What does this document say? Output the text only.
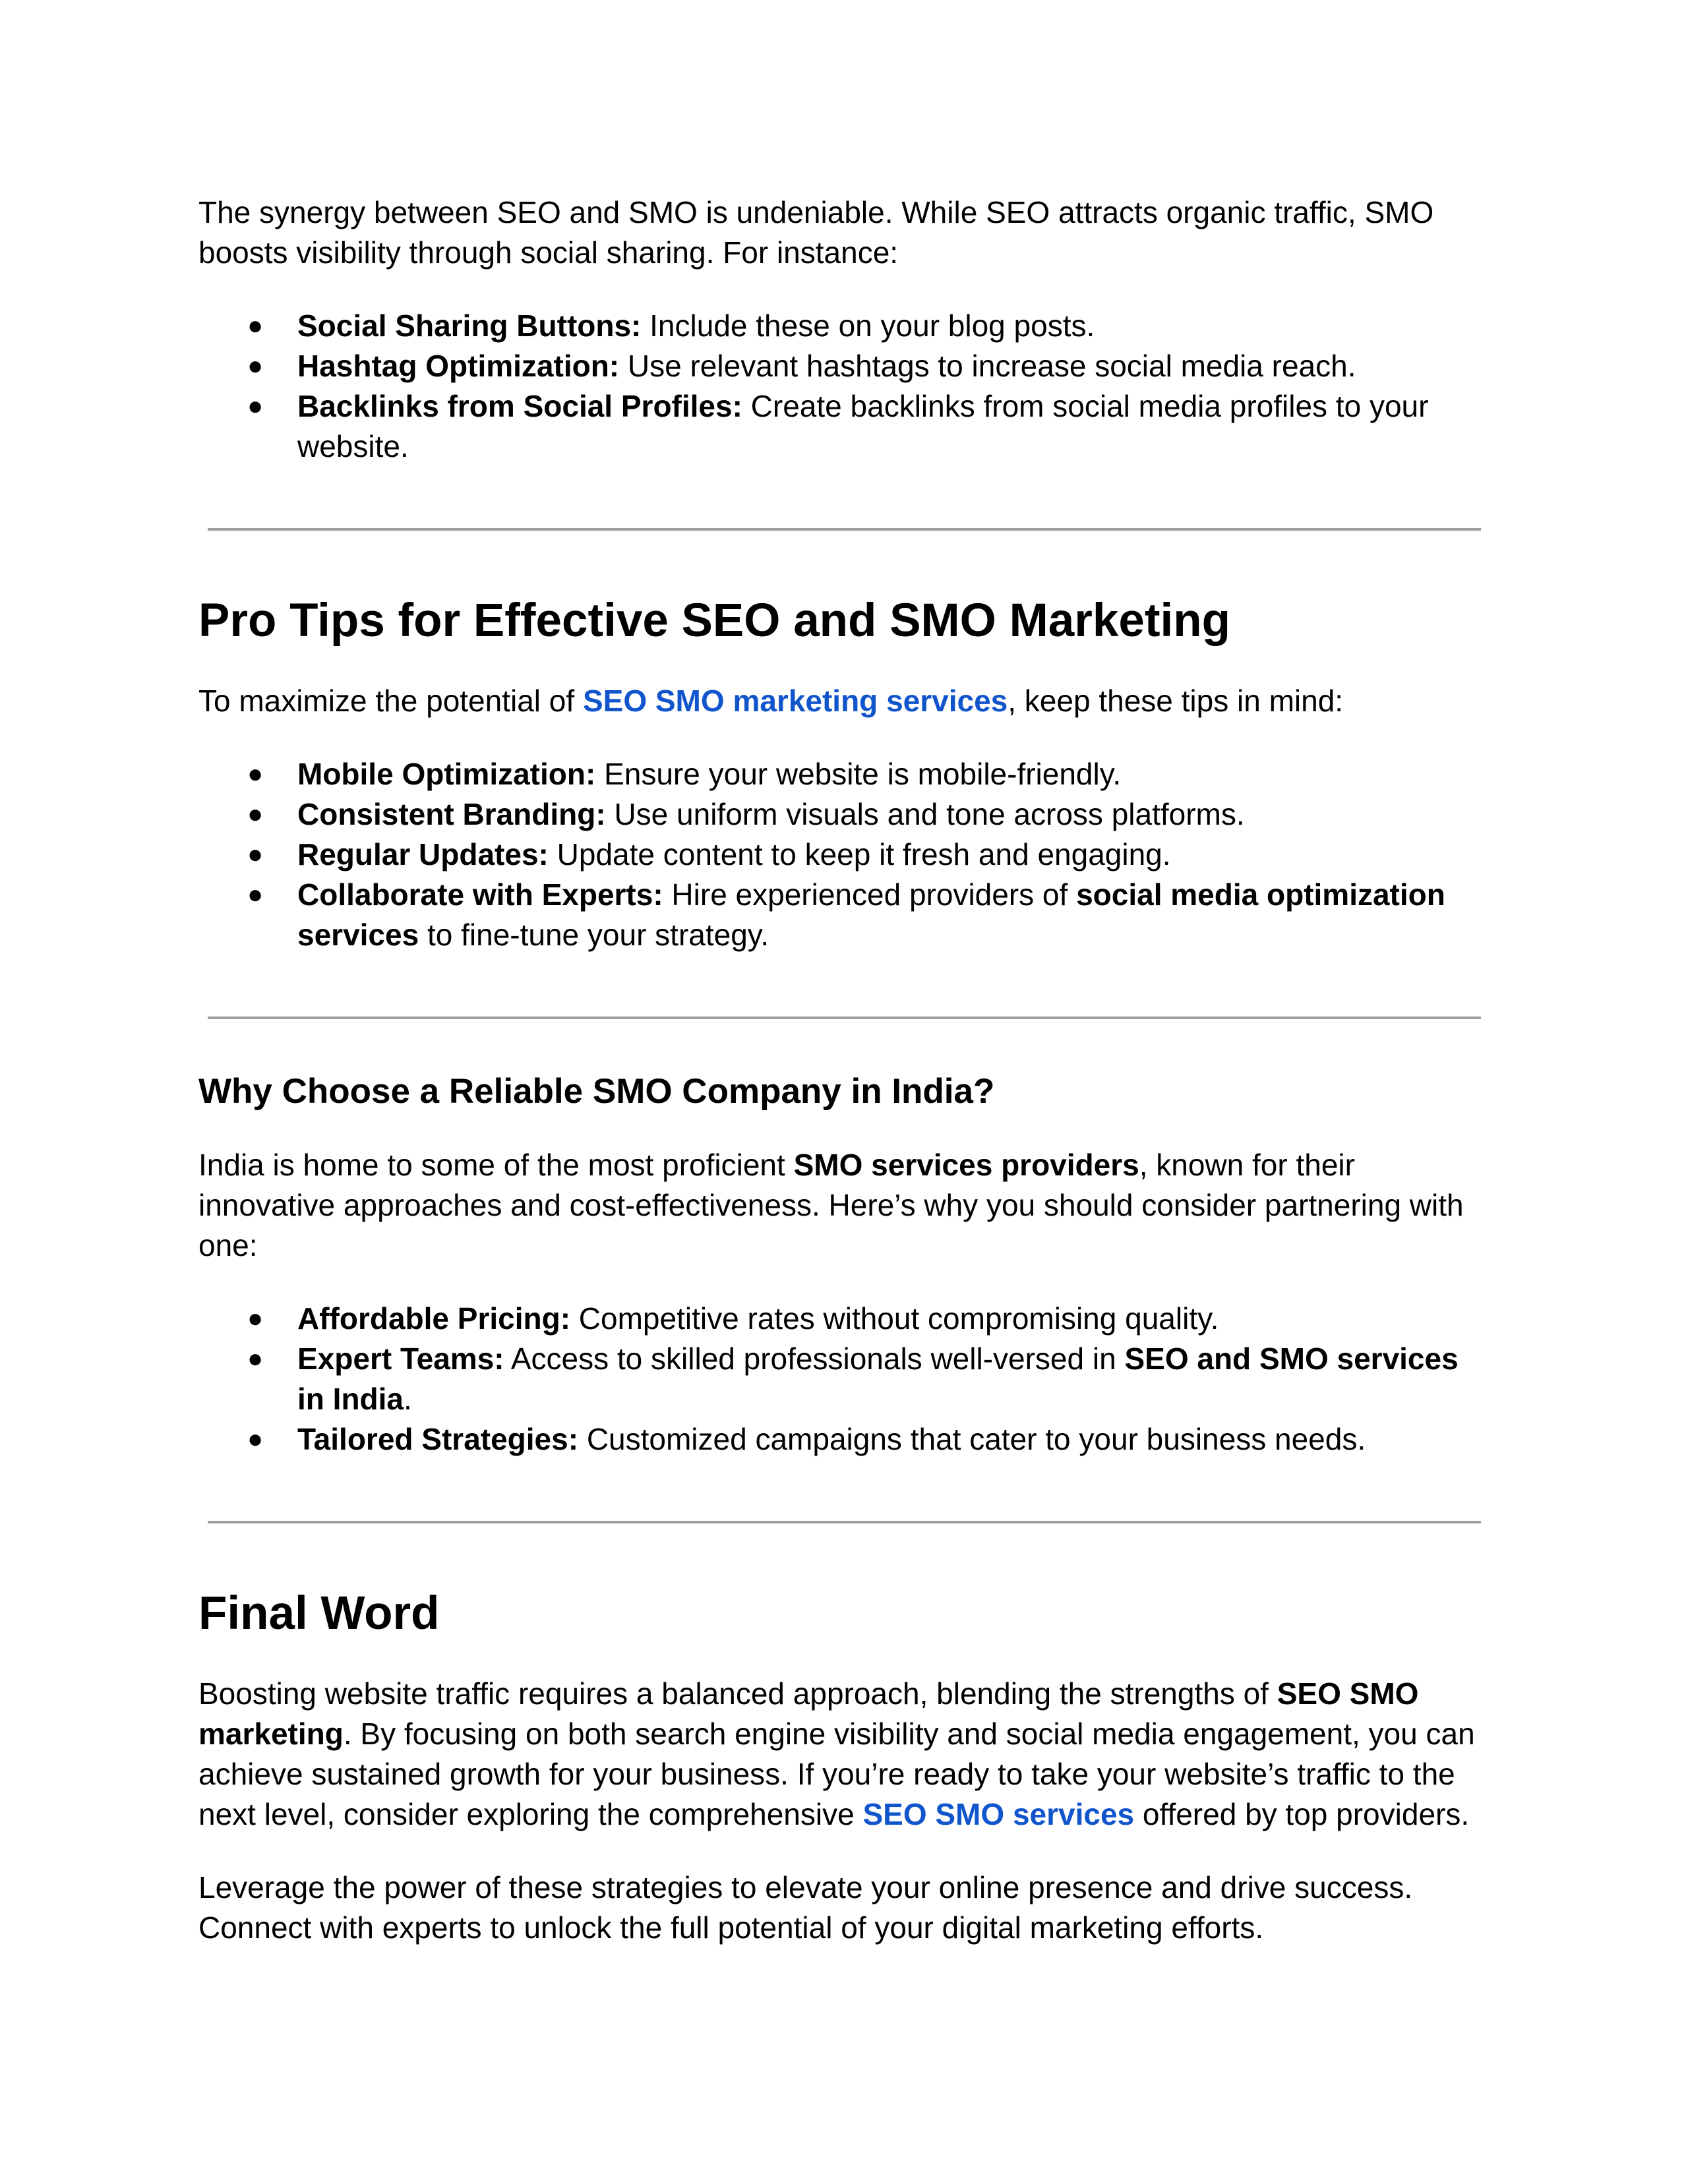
The synergy between SEO and SMO is undeniable. While SEO attracts organic traffic, SMO boosts visibility through social sharing. For instance:

● Social Sharing Buttons: Include these on your blog posts.
● Hashtag Optimization: Use relevant hashtags to increase social media reach.
● Backlinks from Social Profiles: Create backlinks from social media profiles to your website.
Pro Tips for Effective SEO and SMO Marketing

To maximize the potential of SEO SMO marketing services, keep these tips in mind:

● Mobile Optimization: Ensure your website is mobile-friendly.
● Consistent Branding: Use uniform visuals and tone across platforms.
● Regular Updates: Update content to keep it fresh and engaging.
● Collaborate with Experts: Hire experienced providers of social media optimization services to fine-tune your strategy.
Why Choose a Reliable SMO Company in India?

India is home to some of the most proficient SMO services providers, known for their innovative approaches and cost-effectiveness. Here’s why you should consider partnering with one:

● Affordable Pricing: Competitive rates without compromising quality.
● Expert Teams: Access to skilled professionals well-versed in SEO and SMO services in India.
● Tailored Strategies: Customized campaigns that cater to your business needs.
Final Word

Boosting website traffic requires a balanced approach, blending the strengths of SEO SMO marketing. By focusing on both search engine visibility and social media engagement, you can achieve sustained growth for your business. If you’re ready to take your website’s traffic to the next level, consider exploring the comprehensive SEO SMO services offered by top providers.

Leverage the power of these strategies to elevate your online presence and drive success. Connect with experts to unlock the full potential of your digital marketing efforts.
